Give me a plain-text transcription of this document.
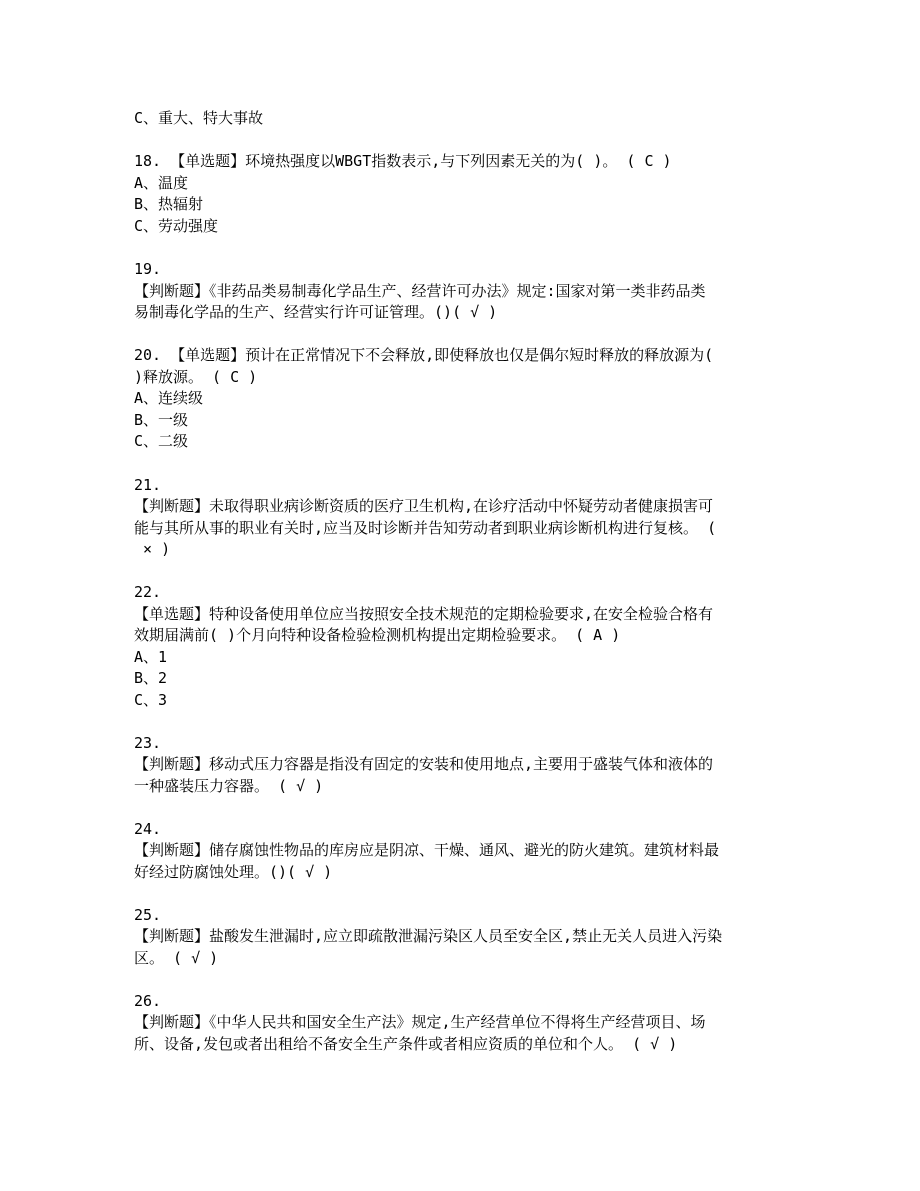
C、重大、特大事故
18. 【单选题】环境热强度以WBGT指数表示,与下列因素无关的为( )。 ( C )
A、温度
B、热辐射
C、劳动强度
19.
【判断题】《非药品类易制毒化学品生产、经营许可办法》规定:国家对第一类非药品类
易制毒化学品的生产、经营实行许可证管理。()( √ )
20. 【单选题】预计在正常情况下不会释放,即使释放也仅是偶尔短时释放的释放源为(
)释放源。 ( C )
A、连续级
B、一级
C、二级
21.
【判断题】未取得职业病诊断资质的医疗卫生机构,在诊疗活动中怀疑劳动者健康损害可
能与其所从事的职业有关时,应当及时诊断并告知劳动者到职业病诊断机构进行复核。 (
× )
22.
【单选题】特种设备使用单位应当按照安全技术规范的定期检验要求,在安全检验合格有
效期届满前( )个月向特种设备检验检测机构提出定期检验要求。 ( A )
A、1
B、2
C、3
23.
【判断题】移动式压力容器是指没有固定的安装和使用地点,主要用于盛装气体和液体的
一种盛装压力容器。 ( √ )
24.
【判断题】储存腐蚀性物品的库房应是阴凉、干燥、通风、避光的防火建筑。建筑材料最
好经过防腐蚀处理。()( √ )
25.
【判断题】盐酸发生泄漏时,应立即疏散泄漏污染区人员至安全区,禁止无关人员进入污染
区。 ( √ )
26.
【判断题】《中华人民共和国安全生产法》规定,生产经营单位不得将生产经营项目、场
所、设备,发包或者出租给不备安全生产条件或者相应资质的单位和个人。 ( √ )
